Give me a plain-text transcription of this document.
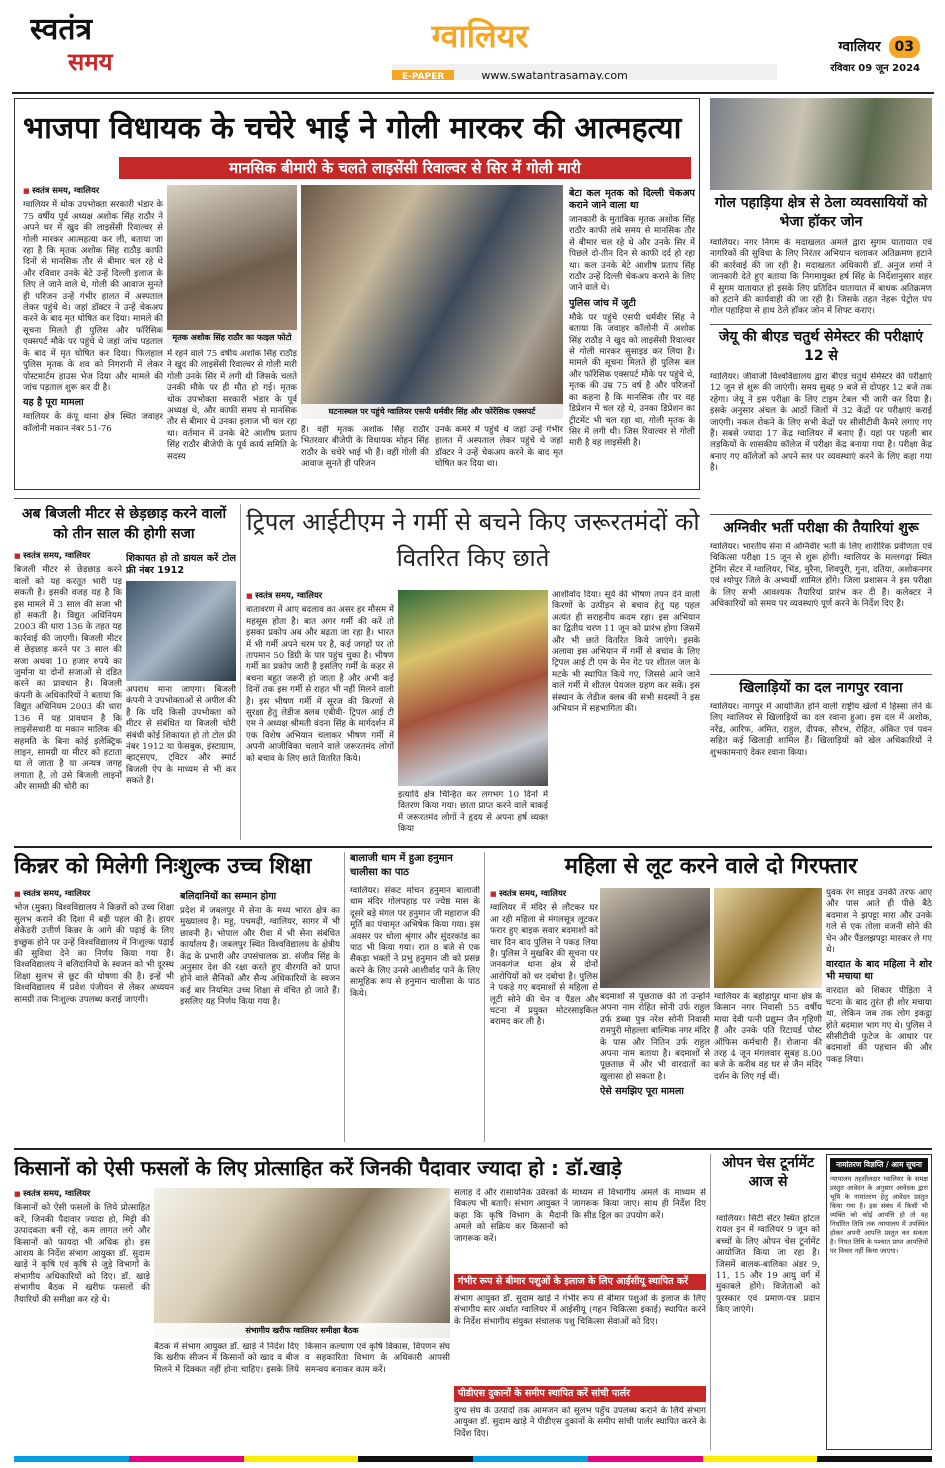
स्वतंत्र
समय
ग्वालियर
E-PAPER	www.swatantrasamay.com
ग्वालियर 03
रविवार 09 जून 2024
भाजपा विधायक के चचेरे भाई ने गोली मारकर की आत्महत्या
मानसिक बीमारी के चलते लाइसेंसी रिवाल्वर से सिर में गोली मारी
■ स्वतंत्र समय, ग्वालियर
ग्वालियर में थोक उपभोक्ता सरकारी भंडार के 75 वर्षीय पूर्व अध्यक्ष अशोक सिंह राठौर ने अपने घर में खुद की लाइसेंसी रिवाल्वर से गोली मारकर आत्महत्या कर ली, बताया जा रहा है कि मृतक अशोक सिंह राठौड़ काफी दिनों से मानसिक तौर से बीमार चल रहे थे और रविवार उनके बेटे उन्हें दिल्ली इलाज के लिए ले जाने वाले थे, गोली की आवाज सुनते ही परिजन उन्हें गंभीर हालत में अस्पताल लेकर पहुंचे थे। जहां डॉक्टर ने उन्हें चेकअप करने के बाद मृत घोषित कर दिया। मामले की सूचना मिलते ही पुलिस और फॉरेंसिक एक्सपर्ट मौके पर पहुंचे थे जहां जांच पड़ताल के बाद में मृत घोषित कर दिया। फिलहाल पुलिस मृतक के शव को निगरानी में लेकर पोस्टमार्टम हाउस भेज दिया और मामले की जांच पड़ताल शुरू कर दी है।
यह है पूरा मामला
ग्वालियर के कंपू थाना क्षेत्र स्थित जवाहर कॉलोनी मकान नंबर 51-76
मृतक अशोक सिंह राठौर का फाइल फोटो
में रहने वाले 75 वर्षीय अशोक सिंह राठौड़ ने खुद की लाइसेंसी रिवाल्वर से गोली मारी गोली उनके सिर में लगी थी जिसके चलते उनकी मौके पर ही मौत हो गई। मृतक थोक उपभोक्ता सरकारी भंडार के पूर्व अध्यक्ष थे, और काफी समय से मानसिक तौर से बीमार थे उनका इलाज भी चल रहा था। वर्तमान में उनके बेटे आशीष प्रताप सिंह राठौर बीजेपी के पूर्व कार्य समिति के सदस्य
घटनास्थल पर पहुंचे ग्वालियर एसपी धर्मवीर सिंह और फोरेंसिक एक्सपर्ट
हैं। वहीं मृतक अशोक सिंह राठौर भितरवार बीजेपी के विधायक मोहन सिंह राठौर के चचेरे भाई भी हैं। वहीं गोली की आवाज सुनते ही परिजन
उनके कमरे में पहुंचे थे जहां उन्हें गंभीर हालत में अस्पताल लेकर पहुंचे थे जहां डॉक्टर ने उन्हें चेकअप करने के बाद मृत घोषित कर दिया था।
बेटा कल मृतक को दिल्ली चेकअप कराने जाने वाला था
जानकारी के मुताबिक मृतक अशोक सिंह राठौर काफी लंबे समय से मानसिक तौर से बीमार चल रहे थे और उनके सिर में पिछले दो-तीन दिन से काफी दर्द हो रहा था। कल उनके बेटे आशीष प्रताप सिंह राठौर उन्हें दिल्ली चेकअप कराने के लिए जाने वाले थे।
पुलिस जांच में जुटी
मौके पर पहुंचे एसपी धर्मवीर सिंह ने बताया कि जवाहर कॉलोनी में अशोक सिंह राठौड़ ने खुद को लाइसेंसी रिवाल्वर से गोली मारकर सुसाइड कर लिया है। मामले की सूचना मिलते ही पुलिस बल और फॉरेंसिक एक्सपर्ट मौके पर पहुंचे थे, मृतक की उम्र 75 वर्ष है और परिजनों का कहना है कि मानसिक तौर पर वह डिप्रेशन में चल रहे थे, उनका डिप्रेशन का ट्रीटमेंट भी चल रहा था, गोली मृतक के सिर में लगी थी। जिस रिवाल्वर से गोली मारी है वह लाइसेंसी है।
गोल पहाड़िया क्षेत्र से ठेला व्यवसायियों को भेजा हॉकर जोन
ग्वालियर। नगर निगम के मदाखलत अमले द्वारा सुगम यातायात एवं नागरिकों की सुविधा के लिए निरंतर अभियान चलाकर अतिक्रमण हटाने की कार्रवाई की जा रही है। मदाखलत अधिकारी डॉ. अनुज शर्मा ने जानकारी देते हुए बताया कि निगमायुक्त हर्ष सिंह के निर्देशानुसार शहर में सुगम यातायात हो इसके लिए प्रतिदिन यातायात में बाधक अतिक्रमण को हटाने की कार्यवाही की जा रही है। जिसके तहत नेहरू पेट्रोल पंप गोल पहाड़िया से हाथ ठेले हॉकर जोन में शिफ्ट कराए।
जेयू की बीएड चतुर्थ सेमेस्टर की परीक्षाएं 12 से
ग्वालियर। जीवाजी विश्वविद्यालय द्वारा बीएड चतुर्थ सेमेस्टर की परीक्षाएं 12 जून से शुरू की जाएंगी। समय सुबह 9 बजे से दोपहर 12 बजे तक रहेगा। जेयू ने इस परीक्षा के लिए टाइम टेबल भी जारी कर दिया है। इसके अनुसार अंचल के आठों जिलों में 32 केंद्रों पर परीक्षाएं कराई जाएंगी। नकल रोकने के लिए सभी केंद्रों पर सीसीटीवी कैमरे लगाए गए हैं। सबसे ज्यादा 17 केंद्र ग्वालियर में बनाए हैं। यहां पर पहली बार लड़कियों के शासकीय कॉलेज में परीक्षा केंद्र बनाया गया है। परीक्षा केंद्र बनाए गए कॉलेजों को अपने स्तर पर व्यवस्थाएं करने के लिए कहा गया है।
अग्निवीर भर्ती परीक्षा की तैयारियां शुरू
ग्वालियर। भारतीय सेना में अग्निवीर भर्ती के लिए शारीरिक प्रवीणता एवं चिकित्सा परीक्षा 15 जून से शुरू होगी। ग्वालियर के मल्लगढ़ा स्थित ट्रेनिंग सेंटर में ग्वालियर, भिंड, मुरैना, शिवपुरी, गुना, दतिया, अशोकनगर एवं श्योपुर जिले के अभ्यर्थी शामिल होंगे। जिला प्रशासन ने इस परीक्षा के लिए सभी आवश्यक तैयारियां प्रारंभ कर दी हैं। कलेक्टर ने अधिकारियों को समय पर व्यवस्थाएं पूर्ण करने के निर्देश दिए हैं।
खिलाड़ियों का दल नागपुर रवाना
ग्वालियर। नागपुर में आयोजित होने वाली राष्ट्रीय खेलों में हिस्सा लेने के लिए ग्वालियर से खिलाड़ियों का दल रवाना हुआ। इस दल में अशोक, नरेंद्र, आरिफ, अमित, राहुल, दीपक, सौरभ, रोहित, अंकित एवं पवन सहित कई खिलाड़ी शामिल हैं। खिलाड़ियों को खेल अधिकारियों ने शुभकामनाएं देकर रवाना किया।
अब बिजली मीटर से छेड़छाड़ करने वालों को तीन साल की होगी सजा
■ स्वतंत्र समय, ग्वालियर
बिजली मीटर से छेड़छाड़ करने वालों को यह करतूत भारी पड़ सकती है। इसकी वजह यह है कि इस मामले में 3 साल की सजा भी हो सकती है। विद्युत अधिनियम 2003 की धारा 136 के तहत यह कार्रवाई की जाएगी। बिजली मीटर से छेड़छाड़ करने पर 3 साल की सजा अथवा 10 हजार रुपये का जुर्माना या दोनों सजाओं से दंडित करने का प्रावधान है। बिजली कंपनी के अधिकारियों ने बताया कि विद्युत अधिनियम 2003 की धारा 136 में यह प्रावधान है कि लाइसेंसधारी या मकान मालिक की सहमति के बिना कोई इलेक्ट्रिक लाइन, सामग्री या मीटर को हटाता या ले जाता है या अन्यत्र जगह लगाता है, तो उसे बिजली लाइनों और सामग्री की चोरी का
शिकायत हो तो डायल करें टोल फ्री नंबर 1912
अपराध माना जाएगा। बिजली कंपनी ने उपभोक्ताओं से अपील की है कि यदि किसी उपभोक्ता को मीटर से संबंधित या बिजली चोरी संबंधी कोई शिकायत हो तो टोल फ्री नंबर 1912 या फेसबुक, इंस्टाग्राम, व्हाट्सएप, ट्विटर और स्मार्ट बिजली ऐप के माध्यम से भी कर सकते हैं।
ट्रिपल आईटीएम ने गर्मी से बचने किए जरूरतमंदों को वितरित किए छाते
■ स्वतंत्र समय, ग्वालियर
वातावरण में आए बदलाव का असर हर मौसम में महसूस होता है। बात अगर गर्मी की करें तो इसका प्रकोप अब और बढ़ता जा रहा है। भारत में भी गर्मी अपने चरम पर है, कई जगहों पर तो तापमान 50 डिग्री के पार पहुंच चुका है। भीषण गर्मी का प्रकोप जारी है इसलिए गर्मी के कहर से बचना बहुत जरूरी हो जाता है और अभी कई दिनों तक इस गर्मी से राहत भी नहीं मिलने वाली है। इस भीषण गर्मी में सूरज की किरणों से सुरक्षा हेतु लेडीज क्लब एबीवी- ट्रिपल आई टी एम ने अध्यक्ष श्रीमती वंदना सिंह के मार्गदर्शन में एक विशेष अभियान चलाकर भीषण गर्मी में अपनी आजीविका चलाने वाले जरूरतमंद लोगों को बचाव के लिए छाते वितरित किये।
इत्यादि क्षेत्र चिन्हित कर लगभग 10 दिनों में वितरण किया गया। छाता प्राप्त करने वाले बाकई में जरूरतमंद लोगों ने हृदय से अपना हर्ष व्यक्त किया
आशीर्वाद दिया। सूर्य की भीषण तपन देने वाली किरणों के उत्पीड़न से बचाव हेतु यह पहल अत्यंत ही सराहनीय कदम रहा। इस अभियान का द्वितीय चरण 11 जून को प्रारंभ होगा जिसमें और भी छाते वितरित किये जाएंगे। इसके अलावा इस अभियान में गर्मी से बचाव के लिए ट्रिपल आई टी एम के मेन गेट पर शीतल जल के मटके भी स्थापित किये गए, जिससे आने जाने वाले गर्मी में शीतल पेयजल ग्रहण कर सकें। इस संस्थान के लेडीज क्लब की सभी सदस्यों ने इस अभियान में सहभागिता की।
किन्नर को मिलेगी निःशुल्क उच्च शिक्षा
■ स्वतंत्र समय, ग्वालियर
भोज (मुक्त) विश्वविद्यालय ने किन्नरों को उच्च शिक्षा सुलभ कराने की दिशा में बड़ी पहल की है। हायर सेकेंडरी उत्तीर्ण किन्नर के आगे की पढ़ाई के लिए इच्छुक होने पर उन्हें विश्वविद्यालय में निःशुल्क पढ़ाई की सुविधा देने का निर्णय किया गया है। विश्वविद्यालय ने बलिदानियों के स्वजन को भी दूरस्थ शिक्षा सुलभ से छूट की घोषणा की है। इन्हें भी विश्वविद्यालय में प्रवेश पंजीयन से लेकर अध्ययन सामग्री तक निःशुल्क उपलब्ध कराई जाएगी।
बलिदानियों का सम्मान होगा
प्रदेश में जबलपुर में सेना के मध्य भारत क्षेत्र का मुख्यालय है। महू, पचमढ़ी, ग्वालियर, सागर में भी छावनी है। भोपाल और रीवा में भी सेना संबंधित कार्यालय हैं। जबलपुर स्थित विश्वविद्यालय के क्षेत्रीय केंद्र के प्रभारी और उपसंचालक डा. संजीव सिंह के अनुसार देश की रक्षा करते हुए वीरगति को प्राप्त होने वाले सैनिकों और सैन्य अधिकारियों के स्वजन कई बार नियमित उच्च शिक्षा से वंचित हो जाते हैं। इसलिए यह निर्णय किया गया है।
बालाजी धाम में हुआ हनुमान चालीसा का पाठ
ग्वालियर। संकट मोचन हनुमान बालाजी धाम मंदिर गोलपहाड़ पर ज्येष्ठ मास के दूसरे बड़े मंगल पर हनुमान जी महाराज की मूर्ति का पंचामृत अभिषेक किया गया। इस अवसर पर चोला श्रृंगार और सुंदरकांड का पाठ भी किया गया। रात 8 बजे से एक सैकड़ा भक्तों ने प्रभु हनुमान जी को प्रसन्न करने के लिए उनसे आशीर्वाद पाने के लिए सामूहिक रूप से हनुमान चालीसा के पाठ किये।
महिला से लूट करने वाले दो गिरफ्तार
■ स्वतंत्र समय, ग्वालियर
ग्वालियर में मंदिर से लौटकर घर आ रही महिला से मंगलसूत्र लूटकर फरार हुए बाइक सवार बदमाशों को चार दिन बाद पुलिस ने पकड़ लिया है। पुलिस ने मुखबिर की सूचना पर जनकगंज थाना क्षेत्र से दोनों आरोपियों को धर दबोचा है। पुलिस ने पकड़े गए बदमाशों से महिला से लूटी सोने की चेन व पैंडल और घटना में प्रयुक्त मोटरसाइकिल बरामद कर ली है।
बदमाशों से पूछताछ की तो उन्होंने अपना नाम रोहित सोनी उर्फ राहुल उर्फ डब्बा पुत्र नरेश सोनी निवासी रामपुरी मोहल्ला बाल्मिक नगर मंदिर के पास और नितिन उर्फ राहुल अपना नाम बताया है। बदमाशों से पूछताछ में और भी वारदातों का खुलासा हो सकता है।
ऐसे समझिए पूरा मामला
ग्वालियर के बहोड़ापुर थाना क्षेत्र के किसान नगर निवासी 55 वर्षीय माया देवी पत्नी प्रद्युम्न जैन गृहिणी हैं और उनके पति रिटायर्ड पोस्ट ऑफिस कर्मचारी हैं। रोजाना की तरह 4 जून मंगलवार सुबह 8.00 बजे के करीब वह घर से जैन मंदिर दर्शन के लिए गई थीं।
युवक रंग साइड उनकी तरफ आए और पास आते ही पीछे बैठे बदमाश ने झपट्टा मारा और उनके गले से एक तोला वजनी सोने की चेन और पैंडलझपट्टा मारकर ले गए थे।
वारदात के बाद महिला ने शोर भी मचाया था
वारदात को शिकार पीड़िता ने घटना के बाद तुरंत ही शोर मचाया था, लेकिन जब तक लोग इकट्ठा होते बदमाश भाग गए थे। पुलिस ने सीसीटीवी फुटेज के आधार पर बदमाशों की पहचान की और पकड़ लिया।
किसानों को ऐसी फसलों के लिए प्रोत्साहित करें जिनकी पैदावार ज्यादा हो : डॉ.खाड़े
■ स्वतंत्र समय, ग्वालियर
किसानों को ऐसी फसलों के लिये प्रोत्साहित करें, जिनकी पैदावार ज्यादा हो, मिट्टी की उत्पादकता बनी रहे, कम लागत लगे और किसानों को फायदा भी अधिक हो। इस आशय के निर्देश संभाग आयुक्त डॉ. सुदाम खाड़े ने कृषि एवं कृषि से जुड़े विभागों के संभागीय अधिकारियों को दिए। डॉ. खाड़े संभागीय बैठक में खरीफ फसलों की तैयारियों की समीक्षा कर रहे थे।
संभागीय खरीफ ग्वालियर समीक्षा बैठक
बैठक में संभाग आयुक्त डॉ. खाड़े ने निर्देश दिए कि खरीफ सीजन में किसानों को खाद व बीज मिलने में दिक्कत नहीं होना चाहिए। इसके लिये किसान कल्याण एवं कृषि विकास, विपणन संघ व सहकारिता विभाग के अधिकारी आपसी समन्वय बनाकर काम करें।
सलाह दें और रासायनिक उर्वरकों के विकल्प भी बताएँ। संभाग आयुक्त ने कहा कि कृषि विभाग के मैदानी अमले को सक्रिय कर किसानों को जागरूक करें।
माध्यम से विभागीय अमले के माध्यम से जागरूक किया जाए। साथ ही निर्देश दिए कि सीड ड्रिल का उपयोग करें।
गंभीर रूप से बीमार पशुओं के इलाज के लिए आईसीयू स्थापित करें
संभाग आयुक्त डॉ. सुदाम खाड़े ने गंभीर रूप से बीमार पशुओं के इलाज के लिए संभागीय स्तर अर्थात ग्वालियर में आईसीयू (गहन चिकित्सा इकाई) स्थापित करने के निर्देश संभागीय संयुक्त संचालक पशु चिकित्सा सेवाओं को दिए।
पीडीएस दुकानों के समीप स्थापित करें सांची पार्लर
दुग्ध संघ के उत्पादों तक आमजन को सुलभ पहुँच उपलब्ध कराने के लिये संभाग आयुक्त डॉ. सुदाम खाड़े ने पीडीएस दुकानों के समीप सांची पार्लर स्थापित करने के निर्देश दिए।
ओपन चेस टूर्नामेंट आज से
ग्वालियर। सिटी सेंटर स्थित होटल रायल इन में ग्वालियर 9 जून को बच्चों के लिए ओपन चेस टूर्नामेंट आयोजित किया जा रहा है। जिसमें बालक-बालिका अंडर 9, 11, 15 और 19 आयु वर्ग में मुकाबले होंगे। विजेताओं को पुरस्कार एवं प्रमाण-पत्र प्रदान किए जाएंगे।
नामांतरण विज्ञप्ति / आम सूचना
न्यायालय तहसीलदार ग्वालियर के समक्ष प्रस्तुत आवेदन के अनुसार आवेदक द्वारा भूमि के नामांतरण हेतु आवेदन प्रस्तुत किया गया है। इस संबंध में किसी भी व्यक्ति को कोई आपत्ति हो तो वह निर्धारित तिथि तक न्यायालय में उपस्थित होकर अपनी आपत्ति प्रस्तुत कर सकता है। नियत तिथि के पश्चात प्राप्त आपत्तियों पर विचार नहीं किया जाएगा।
